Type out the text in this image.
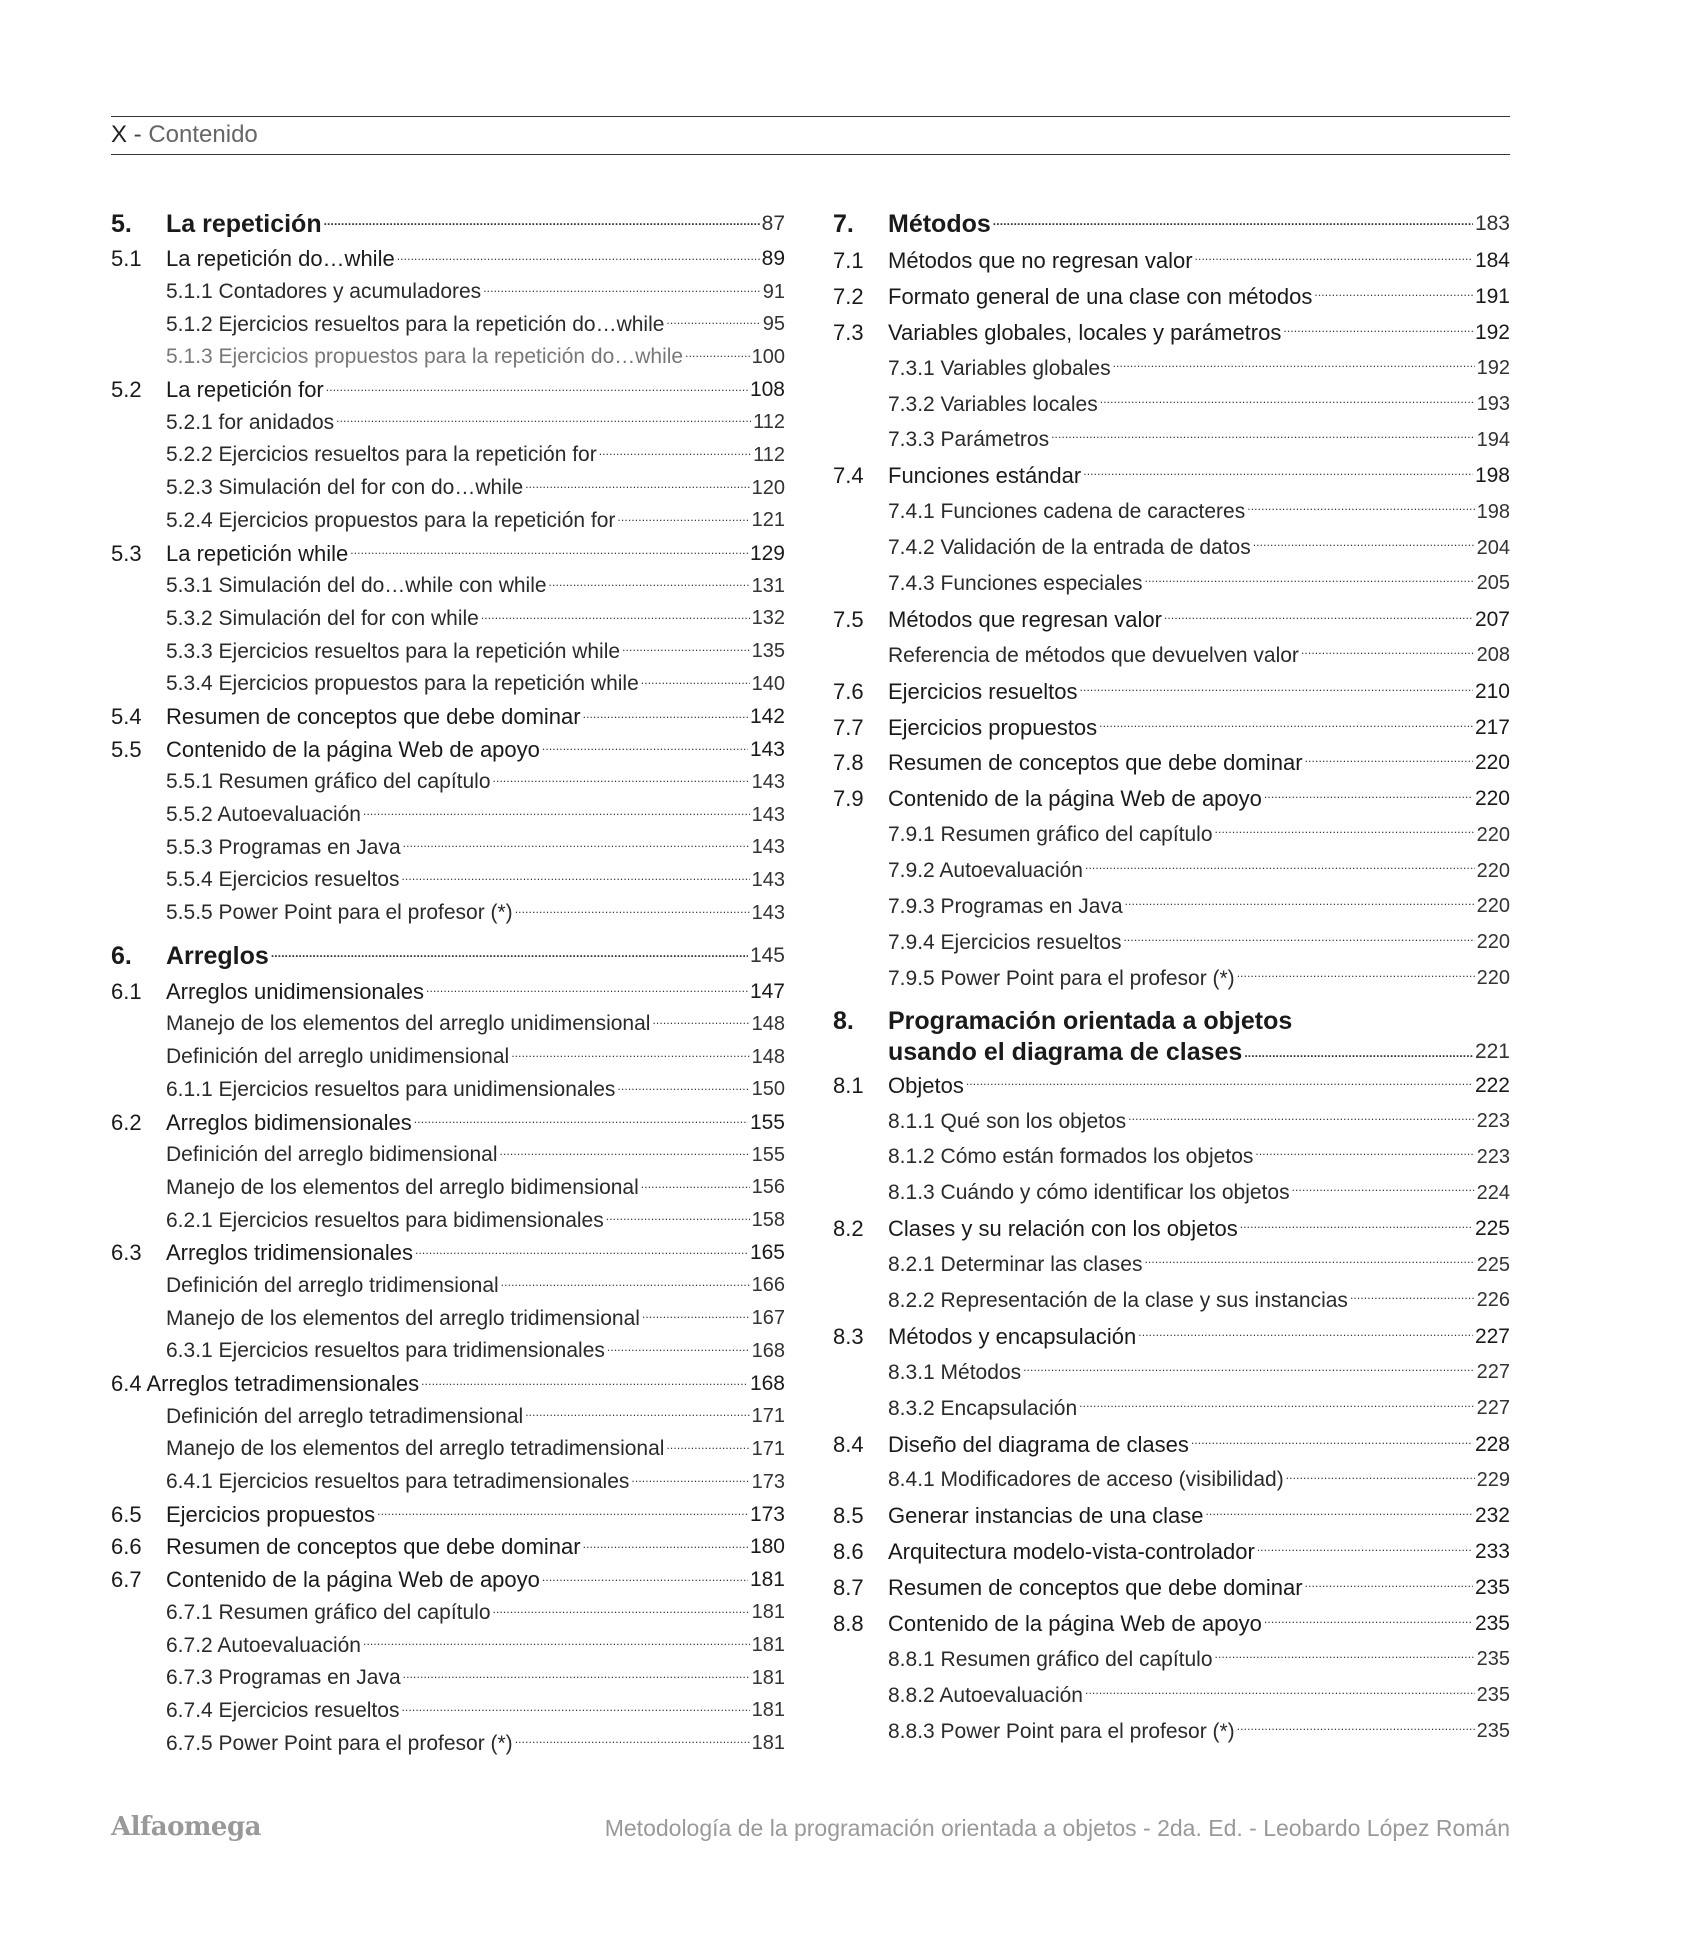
X - Contenido
5.	La repetición . . .	87
5.1	La repetición do…while . . .	89
5.1.1 Contadores y acumuladores . . .	91
5.1.2 Ejercicios resueltos para la repetición do…while . . .	95
5.1.3 Ejercicios propuestos para la repetición do…while . . .	100
5.2	La repetición for . . .	108
5.2.1 for anidados . . .	112
5.2.2 Ejercicios resueltos para la repetición for . . .	112
5.2.3 Simulación del for con do…while . . .	120
5.2.4 Ejercicios propuestos para la repetición for . . .	121
5.3	La repetición while . . .	129
5.3.1 Simulación del do…while con while . . .	131
5.3.2 Simulación del for con while . . .	132
5.3.3 Ejercicios resueltos para la repetición while . . .	135
5.3.4 Ejercicios propuestos para la repetición while . . .	140
5.4	Resumen de conceptos que debe dominar . . .	142
5.5	Contenido de la página Web de apoyo . . .	143
5.5.1 Resumen gráfico del capítulo . . .	143
5.5.2 Autoevaluación . . .	143
5.5.3 Programas en Java . . .	143
5.5.4 Ejercicios resueltos . . .	143
5.5.5 Power Point para el profesor (*) . . .	143
6.	Arreglos . . .	145
6.1	Arreglos unidimensionales . . .	147
Manejo de los elementos del arreglo unidimensional . . .	148
Definición del arreglo unidimensional . . .	148
6.1.1 Ejercicios resueltos para unidimensionales . . .	150
6.2	Arreglos bidimensionales . . .	155
Definición del arreglo bidimensional . . .	155
Manejo de los elementos del arreglo bidimensional . . .	156
6.2.1 Ejercicios resueltos para bidimensionales . . .	158
6.3	Arreglos tridimensionales . . .	165
Definición del arreglo tridimensional . . .	166
Manejo de los elementos del arreglo tridimensional . . .	167
6.3.1 Ejercicios resueltos para tridimensionales . . .	168
6.4 Arreglos tetradimensionales . . .	168
Definición del arreglo tetradimensional . . .	171
Manejo de los elementos del arreglo tetradimensional . . .	171
6.4.1 Ejercicios resueltos para tetradimensionales . . .	173
6.5	Ejercicios propuestos . . .	173
6.6	Resumen de conceptos que debe dominar . . .	180
6.7	Contenido de la página Web de apoyo . . .	181
6.7.1 Resumen gráfico del capítulo . . .	181
6.7.2 Autoevaluación . . .	181
6.7.3 Programas en Java . . .	181
6.7.4 Ejercicios resueltos . . .	181
6.7.5 Power Point para el profesor (*) . . .	181
7.	Métodos . . .	183
7.1	Métodos que no regresan valor . . .	184
7.2	Formato general de una clase con métodos . . .	191
7.3	Variables globales, locales y parámetros . . .	192
7.3.1 Variables globales . . .	192
7.3.2 Variables locales . . .	193
7.3.3 Parámetros . . .	194
7.4	Funciones estándar . . .	198
7.4.1 Funciones cadena de caracteres . . .	198
7.4.2 Validación de la entrada de datos . . .	204
7.4.3 Funciones especiales . . .	205
7.5	Métodos que regresan valor . . .	207
Referencia de métodos que devuelven valor . . .	208
7.6	Ejercicios resueltos . . .	210
7.7	Ejercicios propuestos . . .	217
7.8	Resumen de conceptos que debe dominar . . .	220
7.9	Contenido de la página Web de apoyo . . .	220
7.9.1 Resumen gráfico del capítulo . . .	220
7.9.2 Autoevaluación . . .	220
7.9.3 Programas en Java . . .	220
7.9.4 Ejercicios resueltos . . .	220
7.9.5 Power Point para el profesor (*) . . .	220
8.	Programación orientada a objetos
usando el diagrama de clases . . .	221
8.1	Objetos . . .	222
8.1.1 Qué son los objetos . . .	223
8.1.2 Cómo están formados los objetos . . .	223
8.1.3 Cuándo y cómo identificar los objetos . . .	224
8.2	Clases y su relación con los objetos . . .	225
8.2.1 Determinar las clases . . .	225
8.2.2 Representación de la clase y sus instancias . . .	226
8.3	Métodos y encapsulación . . .	227
8.3.1 Métodos . . .	227
8.3.2 Encapsulación . . .	227
8.4	Diseño del diagrama de clases . . .	228
8.4.1 Modificadores de acceso (visibilidad) . . .	229
8.5	Generar instancias de una clase . . .	232
8.6	Arquitectura modelo-vista-controlador . . .	233
8.7	Resumen de conceptos que debe dominar . . .	235
8.8	Contenido de la página Web de apoyo . . .	235
8.8.1 Resumen gráfico del capítulo . . .	235
8.8.2 Autoevaluación . . .	235
8.8.3 Power Point para el profesor (*) . . .	235
Alfaomega	Metodología de la programación orientada a objetos - 2da. Ed. - Leobardo López Román
